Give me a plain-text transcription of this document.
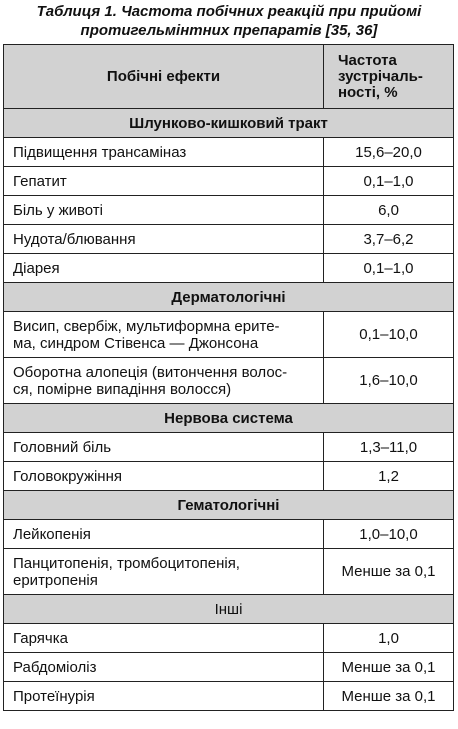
Таблиця 1. Частота побічних реакцій при прийомі
протигельмінтних препаратів [35, 36]
Побічні ефекти	Частота
зустрічаль-
ності, %
Шлунково-кишковий тракт	
Підвищення трансаміназ	15,6–20,0
Гепатит	0,1–1,0
Біль у животі	6,0
Нудота/блювання	3,7–6,2
Діарея	0,1–1,0
Дерматологічні	
Висип, свербіж, мультиформна ерите-
ма, синдром Стівенса — Джонсона	0,1–10,0
Оборотна алопеція (витончення волос-
ся, помірне випадіння волосся)	1,6–10,0
Нервова система	
Головний біль	1,3–11,0
Головокружіння	1,2
Гематологічні	
Лейкопенія	1,0–10,0
Панцитопенія, тромбоцитопенія,
еритропенія	Менше за 0,1
Інші	
Гарячка	1,0
Рабдоміоліз	Менше за 0,1
Протеїнурія	Менше за 0,1
